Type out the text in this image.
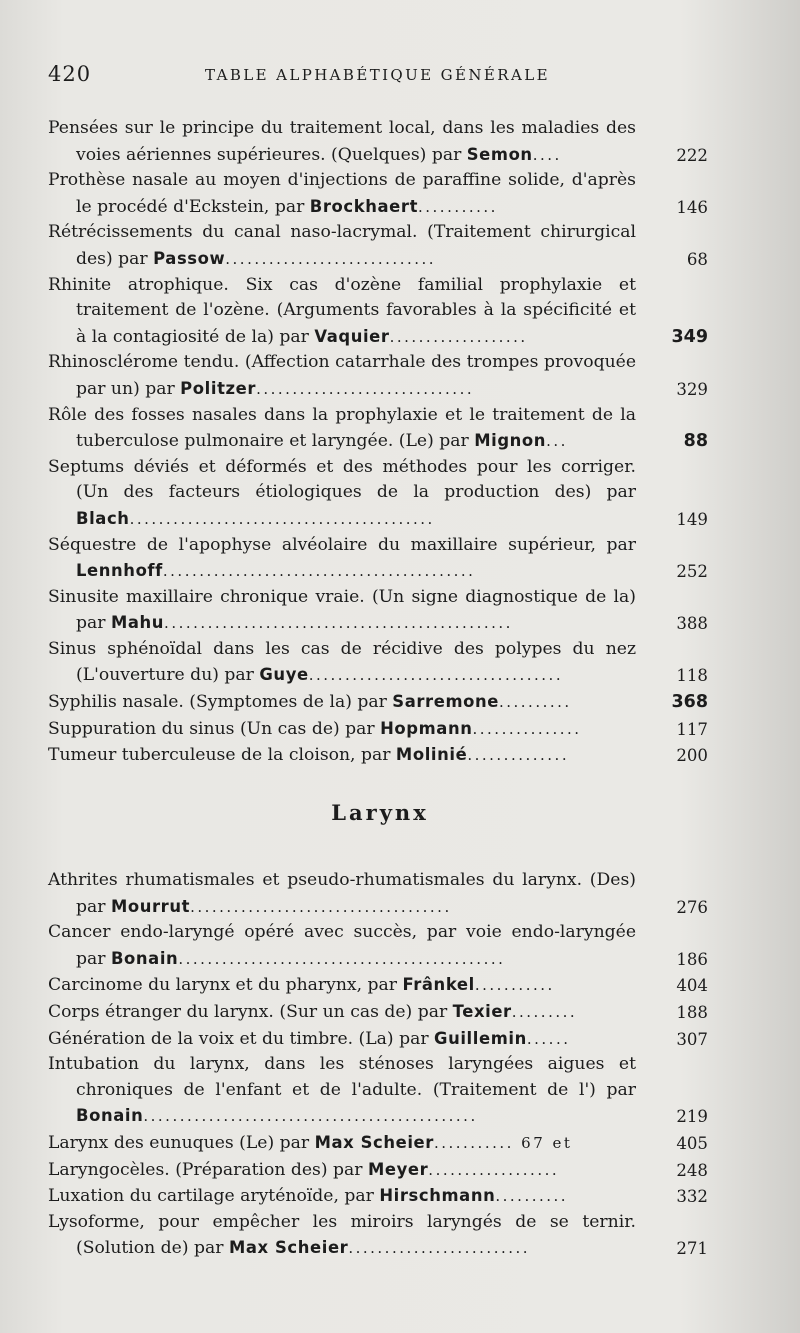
420	TABLE ALPHABÉTIQUE GÉNÉRALE
Pensées sur le principe du traitement local, dans les maladies des voies aériennes supérieures. (Quelques) par Semon....	222
Prothèse nasale au moyen d'injections de paraffine solide, d'après le procédé d'Eckstein, par Brockhaert...........	146
Rétrécissements du canal naso-lacrymal. (Traitement chirurgical des) par Passow.............................	68
Rhinite atrophique. Six cas d'ozène familial prophylaxie et traitement de l'ozène. (Arguments favorables à la spécificité et à la contagiosité de la) par Vaquier...................	349
Rhinosclérome tendu. (Affection catarrhale des trompes provoquée par un) par Politzer..............................	329
Rôle des fosses nasales dans la prophylaxie et le traitement de la tuberculose pulmonaire et laryngée. (Le) par Mignon...	88
Septums déviés et déformés et des méthodes pour les corriger. (Un des facteurs étiologiques de la production des) par Blach..........................................	149
Séquestre de l'apophyse alvéolaire du maxillaire supérieur, par Lennhoff...........................................	252
Sinusite maxillaire chronique vraie. (Un signe diagnostique de la) par Mahu................................................	388
Sinus sphénoïdal dans les cas de récidive des polypes du nez (L'ouverture du) par Guye...................................	118
Syphilis nasale. (Symptomes de la) par Sarremone..........	368
Suppuration du sinus (Un cas de) par Hopmann...............	117
Tumeur tuberculeuse de la cloison, par Molinié..............	200
Larynx
Athrites rhumatismales et pseudo-rhumatismales du larynx. (Des) par Mourrut....................................	276
Cancer endo-laryngé opéré avec succès, par voie endo-laryngée par Bonain.............................................	186
Carcinome du larynx et du pharynx, par Frânkel...........	404
Corps étranger du larynx. (Sur un cas de) par Texier.........	188
Génération de la voix et du timbre. (La) par Guillemin......	307
Intubation du larynx, dans les sténoses laryngées aigues et chroniques de l'enfant et de l'adulte. (Traitement de l') par Bonain..............................................	219
Larynx des eunuques (Le) par Max Scheier........... 67 et	405
Laryngocèles. (Préparation des) par Meyer..................	248
Luxation du cartilage aryténoïde, par Hirschmann..........	332
Lysoforme, pour empêcher les miroirs laryngés de se ternir. (Solution de) par Max Scheier.........................	271
